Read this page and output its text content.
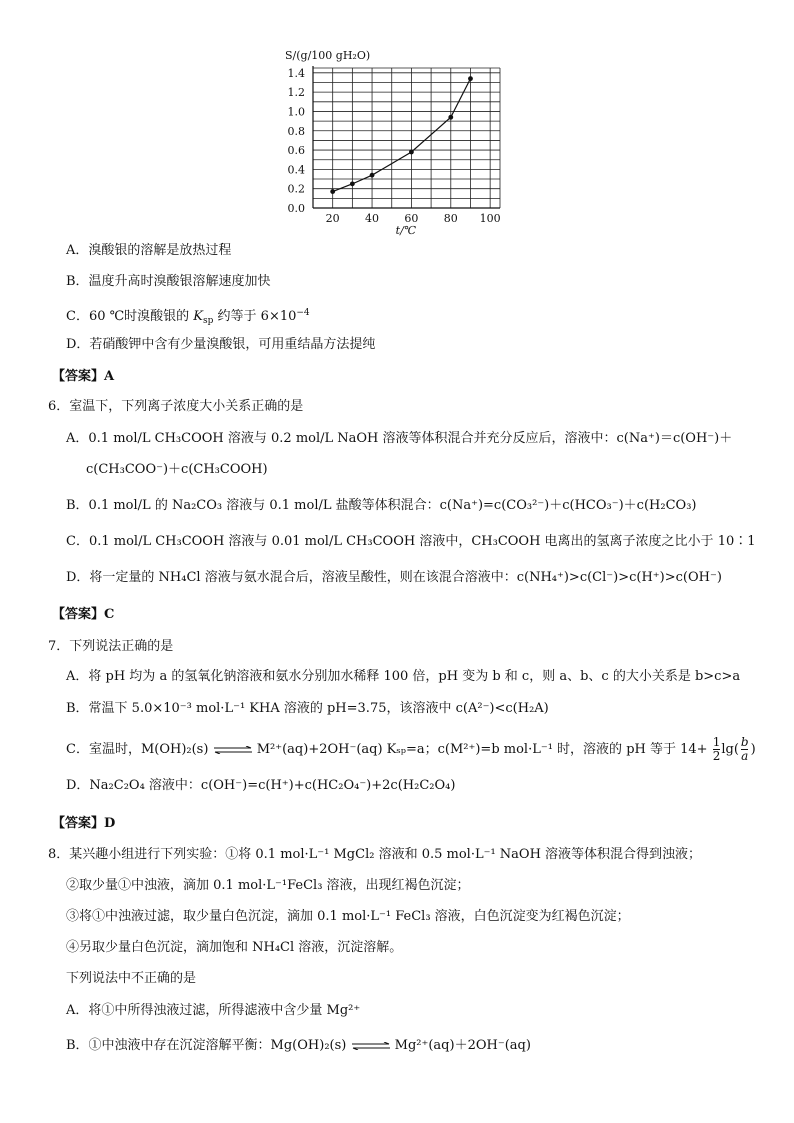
0.0
0.2
0.4
0.6
0.8
1.0
1.2
1.4
20 40 60 80 100
S/(g/100 gH₂O)
t/℃
A．溴酸银的溶解是放热过程
B．温度升高时溴酸银溶解速度加快
C．60 ℃时溴酸银的 $K_{sp}$ 约等于 $6\times 10^{-4}$
D．若硝酸钾中含有少量溴酸银，可用重结晶方法提纯
【答案】A
6．室温下，下列离子浓度大小关系正确的是
A．0.1 mol/L CH₃COOH 溶液与 0.2 mol/L NaOH 溶液等体积混合并充分反应后，溶液中：c(Na⁺)＝c(OH⁻)＋
c(CH₃COO⁻)＋c(CH₃COOH)
B．0.1 mol/L 的 Na₂CO₃ 溶液与 0.1 mol/L 盐酸等体积混合：c(Na⁺)=c(CO₃²⁻)＋c(HCO₃⁻)＋c(H₂CO₃)
C．0.1 mol/L CH₃COOH 溶液与 0.01 mol/L CH₃COOH 溶液中，CH₃COOH 电离出的氢离子浓度之比小于 10∶1
D．将一定量的 NH₄Cl 溶液与氨水混合后，溶液呈酸性，则在该混合溶液中：c(NH₄⁺)>c(Cl⁻)>c(H⁺)>c(OH⁻)
【答案】C
7．下列说法正确的是
A．将 pH 均为 a 的氢氧化钠溶液和氨水分别加水稀释 100 倍，pH 变为 b 和 c，则 a、b、c 的大小关系是 b>c>a
B．常温下 5.0×10⁻³ mol·L⁻¹ KHA 溶液的 pH=3.75，该溶液中 c(A²⁻)<c(H₂A)
C．室温时，M(OH)₂(s) ⇌ M²⁺(aq)+2OH⁻(aq) Kₛₚ=a；c(M²⁺)=b mol·L⁻¹ 时，溶液的 pH 等于 $14+ \frac{1}{2} \lg( \frac{b}{a}$ )
D．Na₂C₂O₄ 溶液中：c(OH⁻)=c(H⁺)+c(HC₂O₄⁻)+2c(H₂C₂O₄)
【答案】D
8．某兴趣小组进行下列实验：①将 0.1 mol·L⁻¹ MgCl₂ 溶液和 0.5 mol·L⁻¹ NaOH 溶液等体积混合得到浊液；
②取少量①中浊液，滴加 0.1 mol·L⁻¹FeCl₃ 溶液，出现红褐色沉淀；
③将①中浊液过滤，取少量白色沉淀，滴加 0.1 mol·L⁻¹ FeCl₃ 溶液，白色沉淀变为红褐色沉淀；
④另取少量白色沉淀，滴加饱和 NH₄Cl 溶液，沉淀溶解。
下列说法中不正确的是
A．将①中所得浊液过滤，所得滤液中含少量 Mg²⁺
B．①中浊液中存在沉淀溶解平衡：Mg(OH)₂(s) ⇌ Mg²⁺(aq)＋2OH⁻(aq)
